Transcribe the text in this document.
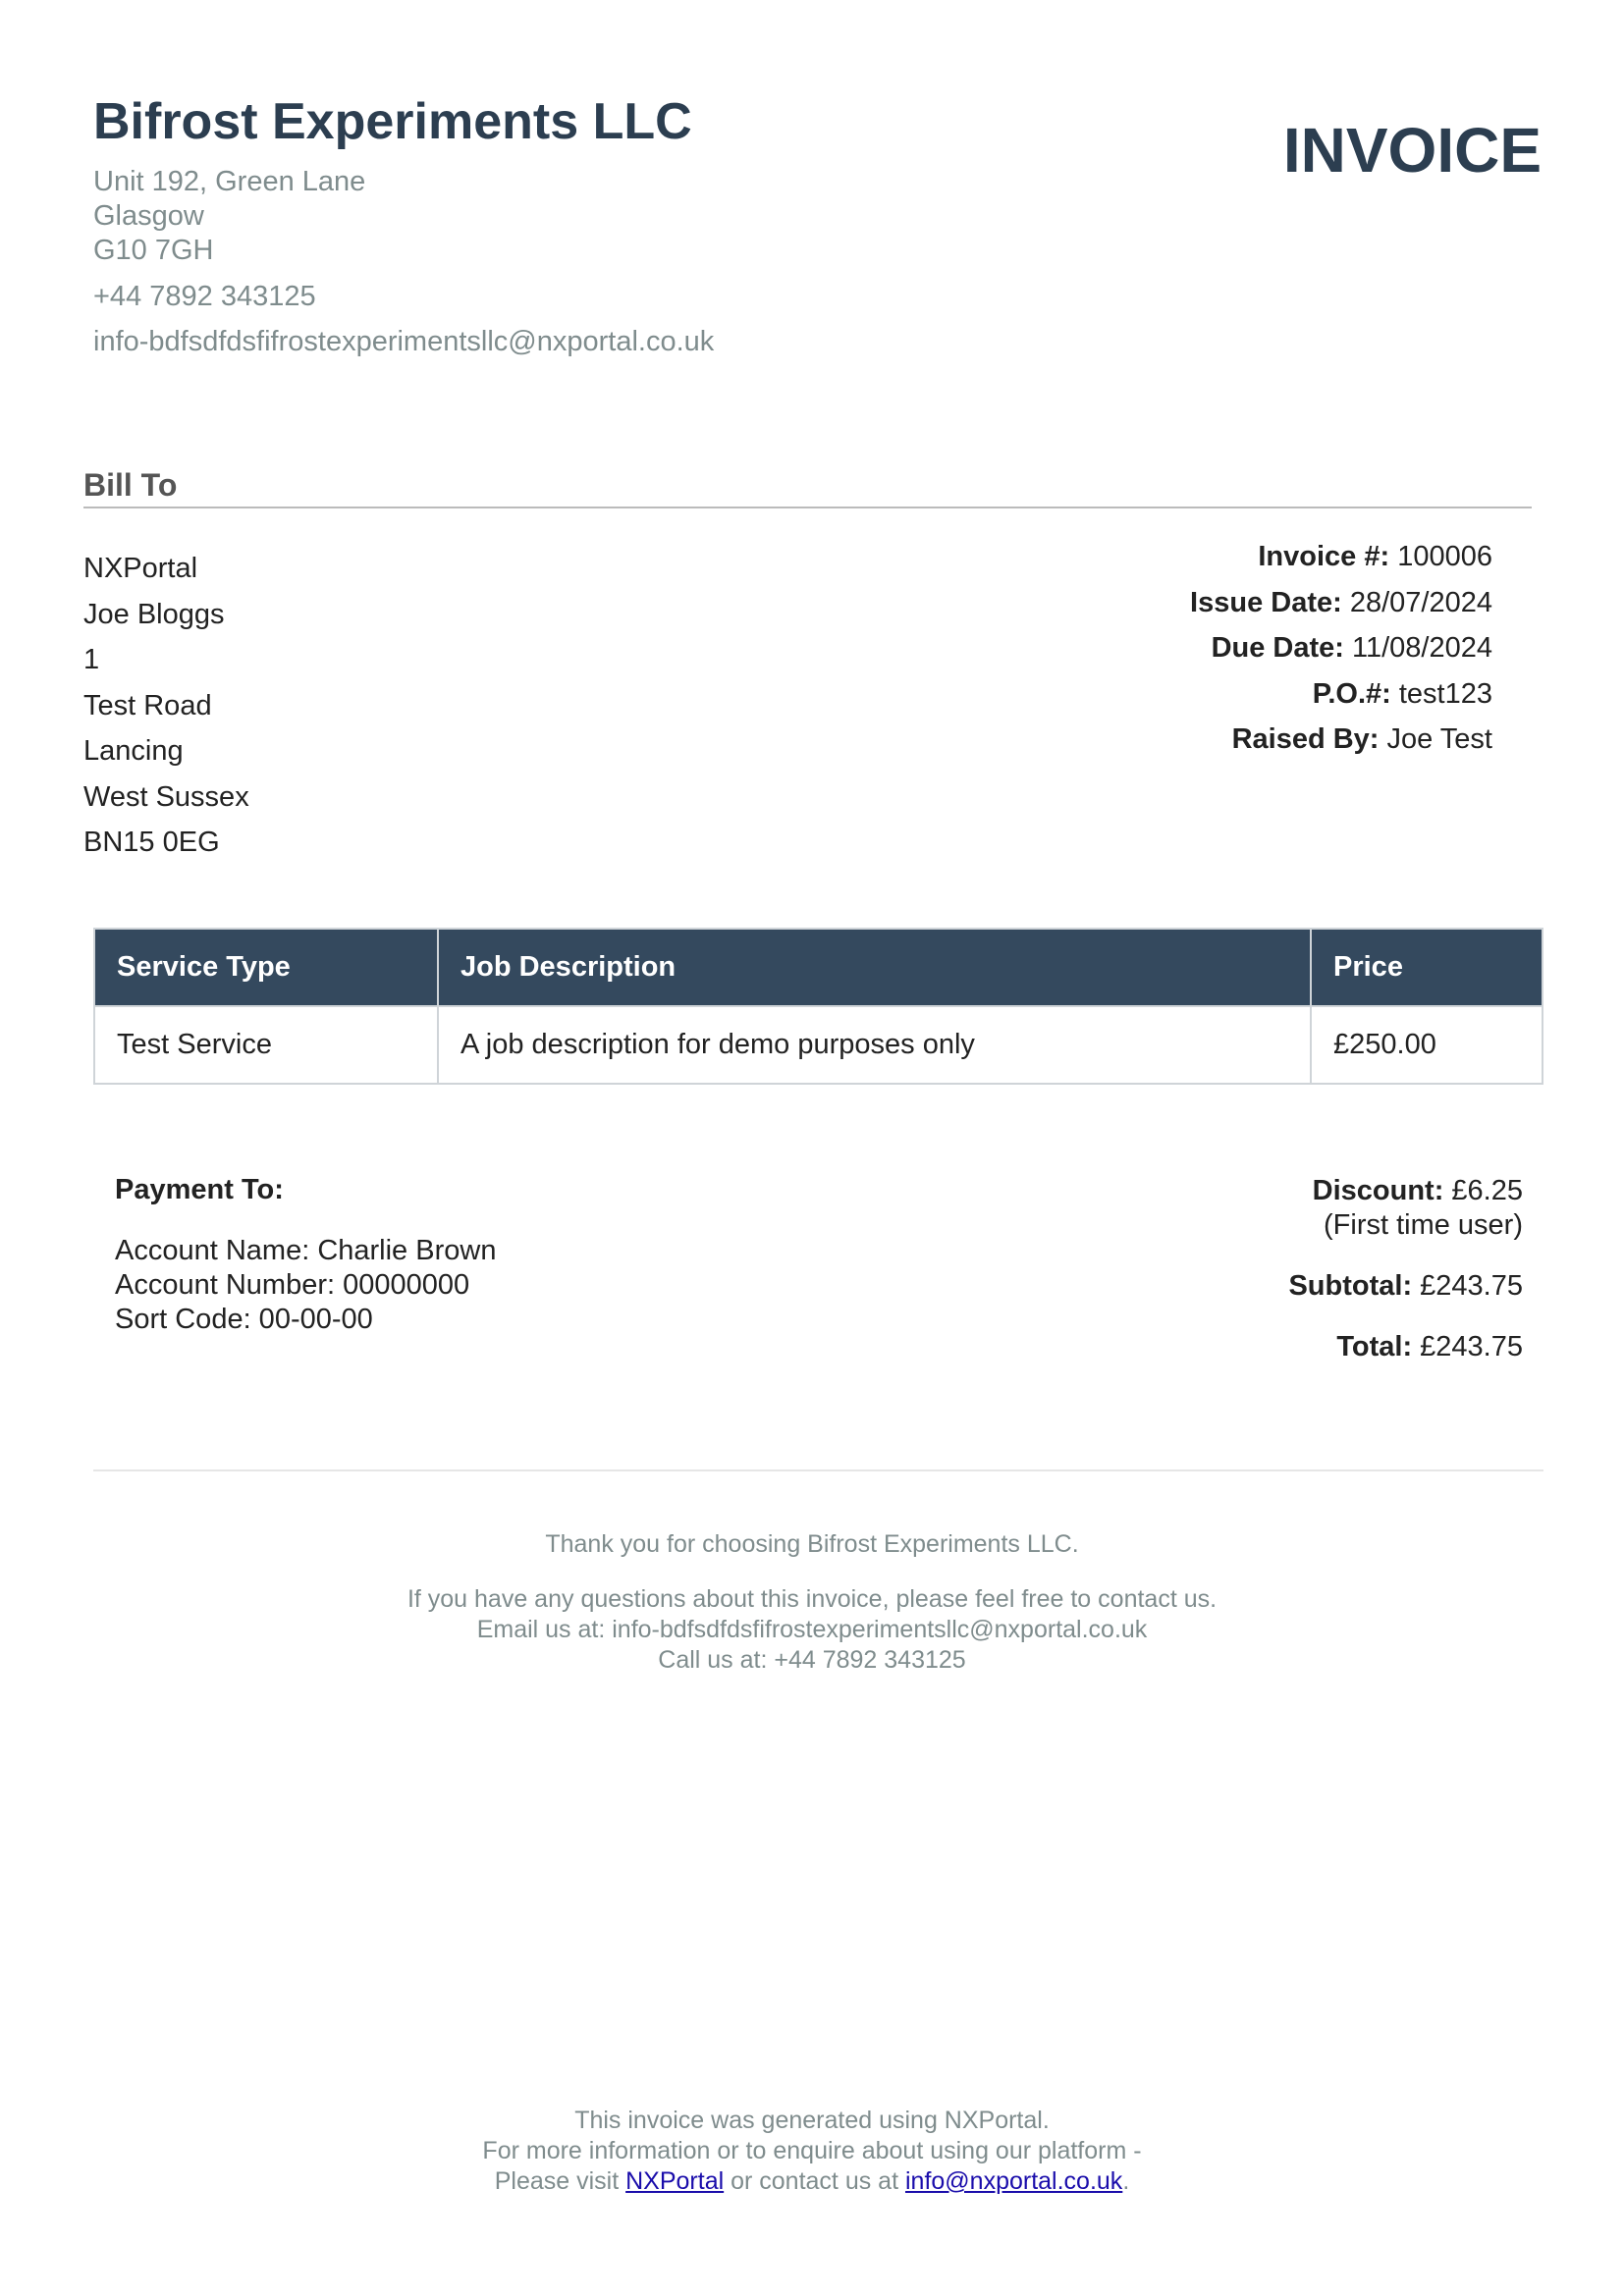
Bifrost Experiments LLC	INVOICE
Unit 192, Green Lane
Glasgow
G10 7GH
+44 7892 343125
info-bdfsdfdsfifrostexperimentsllc@nxportal.co.uk
Bill To
NXPortal
Joe Bloggs
1
Test Road
Lancing
West Sussex
BN15 0EG
Invoice #: 100006
Issue Date: 28/07/2024
Due Date: 11/08/2024
P.O.#: test123
Raised By: Joe Test
Service Type	Job Description	Price
Test Service	A job description for demo purposes only	£250.00
Payment To:
Account Name: Charlie Brown
Account Number: 00000000
Sort Code: 00-00-00
Discount: £6.25
(First time user)
Subtotal: £243.75
Total: £243.75
Thank you for choosing Bifrost Experiments LLC.
If you have any questions about this invoice, please feel free to contact us.
Email us at: info-bdfsdfdsfifrostexperimentsllc@nxportal.co.uk
Call us at: +44 7892 343125
This invoice was generated using NXPortal.
For more information or to enquire about using our platform -
Please visit NXPortal or contact us at info@nxportal.co.uk.
